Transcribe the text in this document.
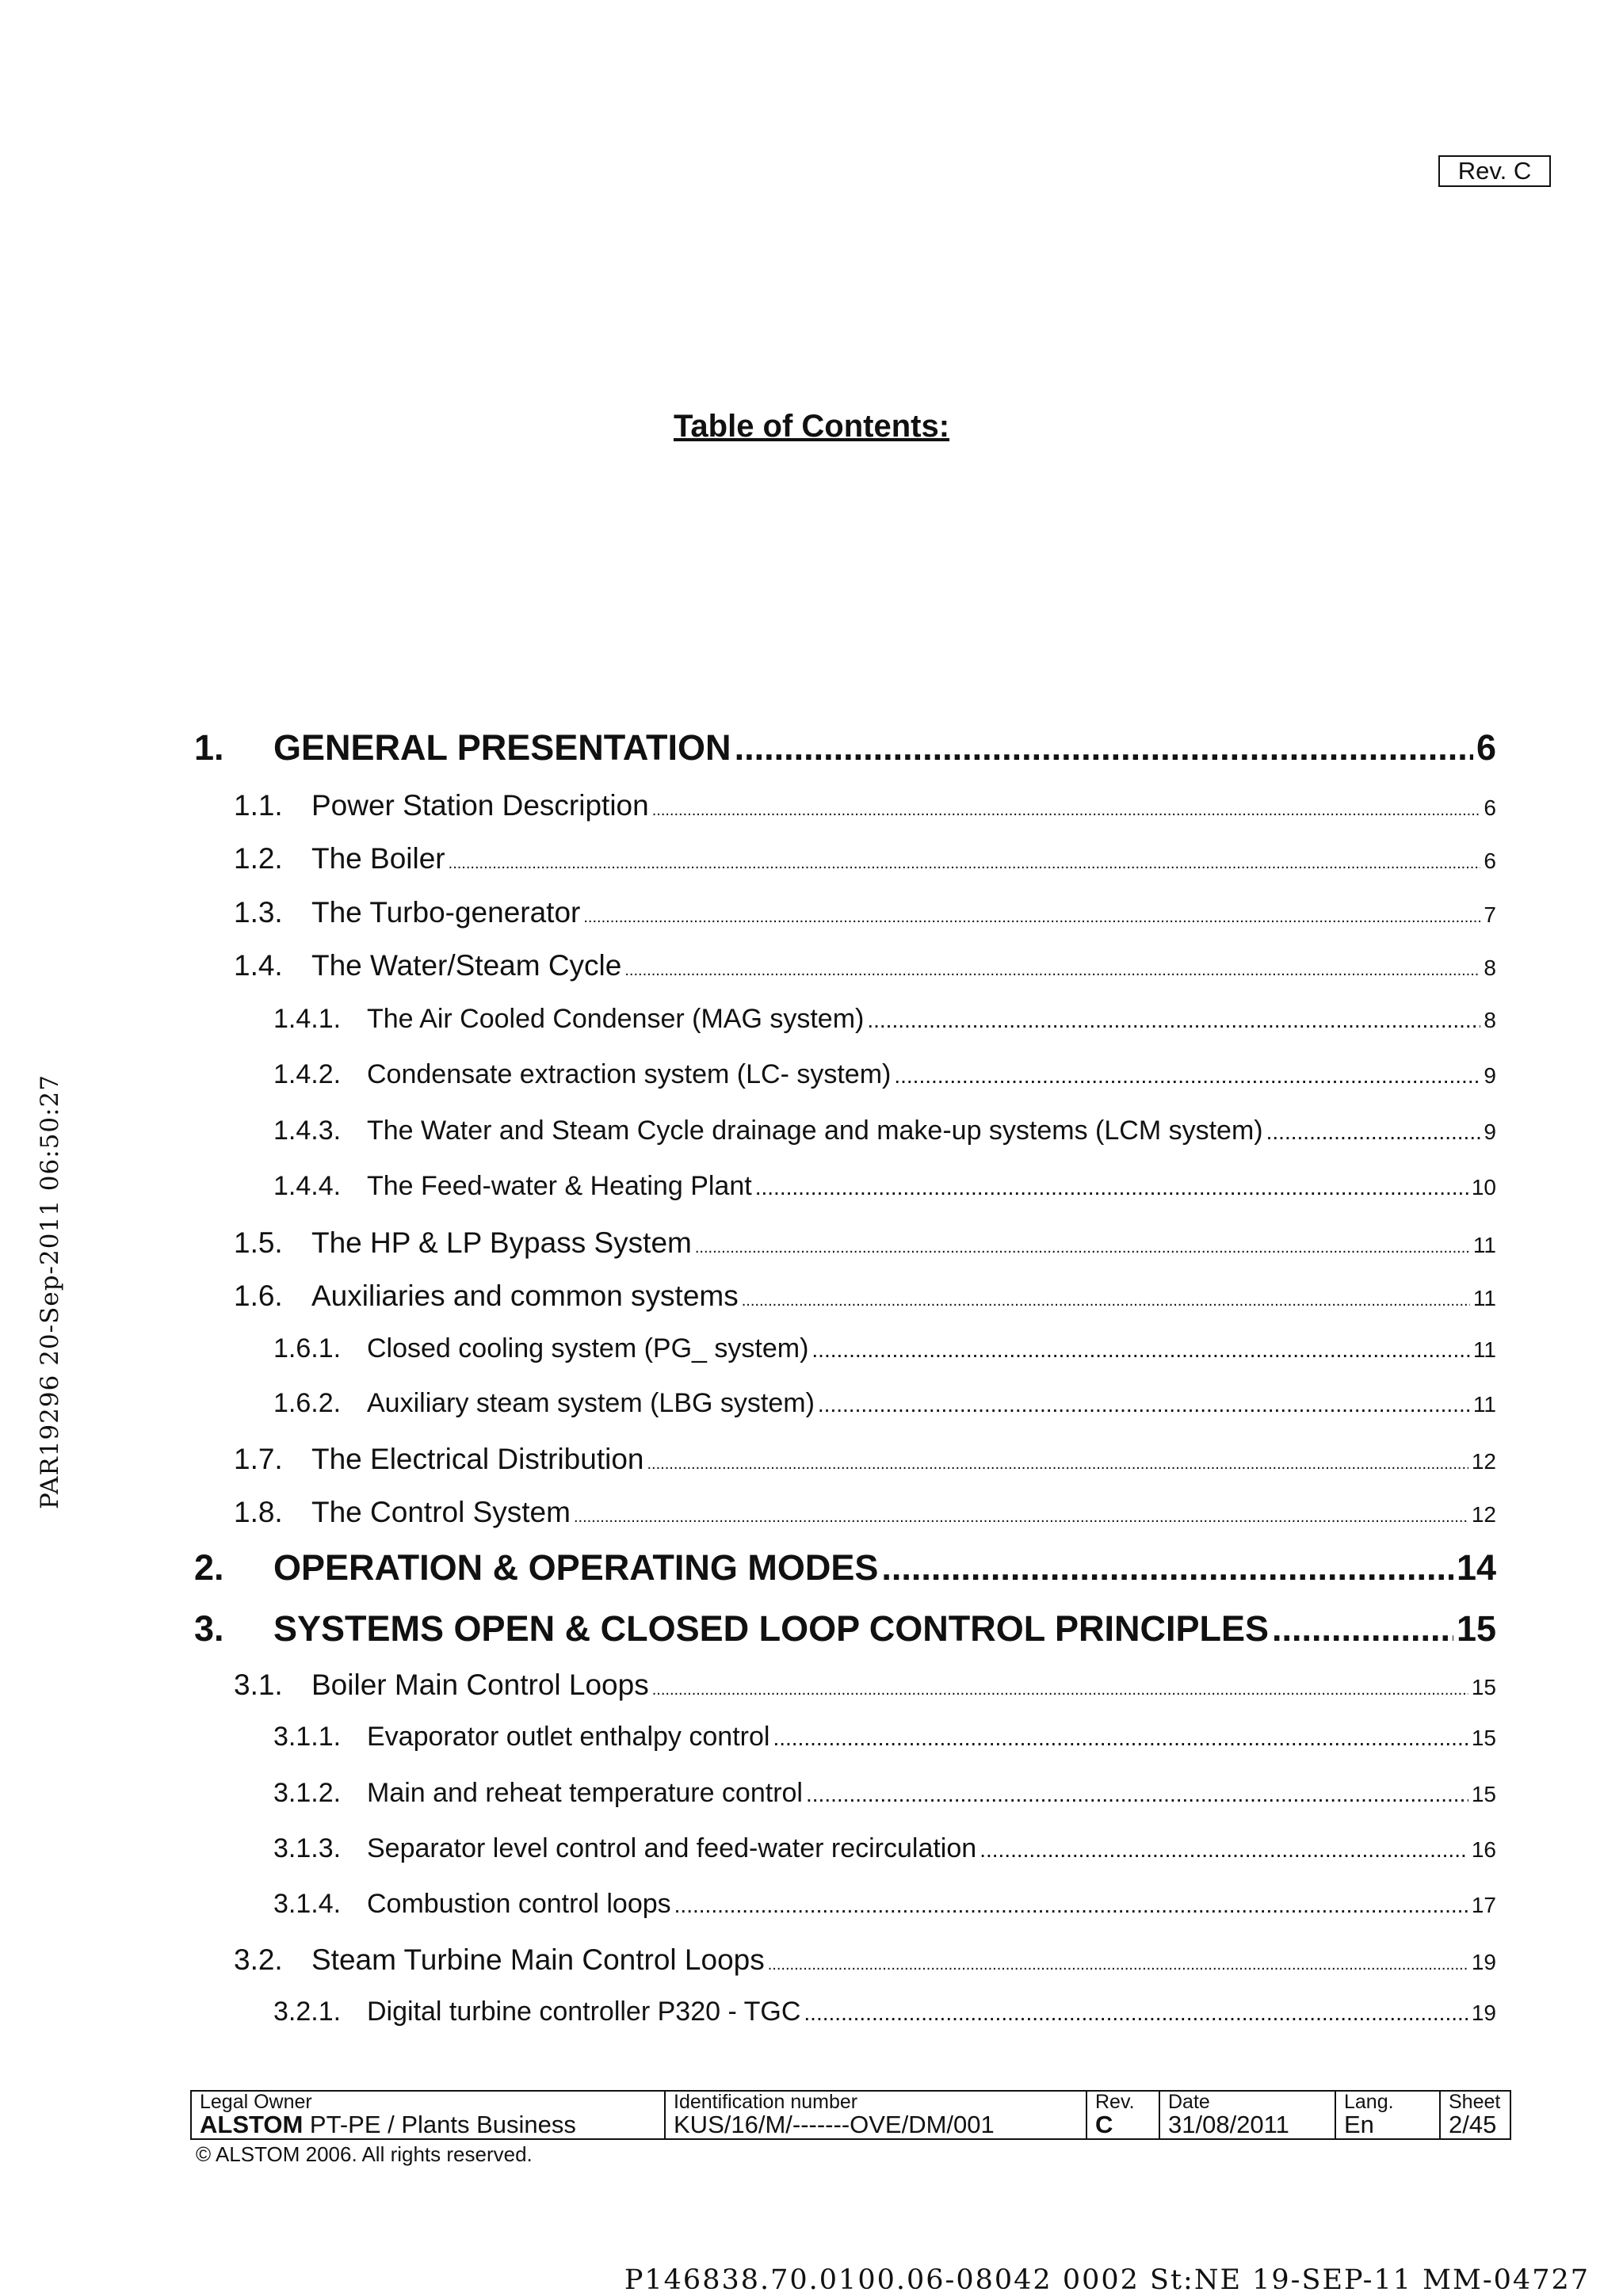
Rev. C
Table of Contents:
PAR19296 20-Sep-2011 06:50:27
1.	GENERAL PRESENTATION .....	6
1.1. Power Station Description .....	6
1.2. The Boiler .....	6
1.3. The Turbo-generator .....	7
1.4. The Water/Steam Cycle .....	8
1.4.1. The Air Cooled Condenser (MAG system) .....	8
1.4.2. Condensate extraction system (LC- system) .....	9
1.4.3. The Water and Steam Cycle drainage and make-up systems (LCM system) .....	9
1.4.4. The Feed-water & Heating Plant .....	10
1.5. The HP & LP Bypass System .....	11
1.6. Auxiliaries and common systems .....	11
1.6.1. Closed cooling system (PG_ system) .....	11
1.6.2. Auxiliary steam system (LBG system) .....	11
1.7. The Electrical Distribution .....	12
1.8. The Control System .....	12
2.	OPERATION & OPERATING MODES .....	14
3.	SYSTEMS OPEN & CLOSED LOOP CONTROL PRINCIPLES .....	15
3.1. Boiler Main Control Loops .....	15
3.1.1. Evaporator outlet enthalpy control .....	15
3.1.2. Main and reheat temperature control .....	15
3.1.3. Separator level control and feed-water recirculation .....	16
3.1.4. Combustion control loops .....	17
3.2. Steam Turbine Main Control Loops .....	19
3.2.1. Digital turbine controller P320 - TGC .....	19
Legal Owner
ALSTOM PT-PE / Plants Business

Identification number
KUS/16/M/-------OVE/DM/001

Rev.
C

Date
31/08/2011

Lang.
En

Sheet
2/45
© ALSTOM 2006. All rights reserved.
P146838.70.0100.06-08042 0002 St:NE 19-SEP-11 MM-04727
